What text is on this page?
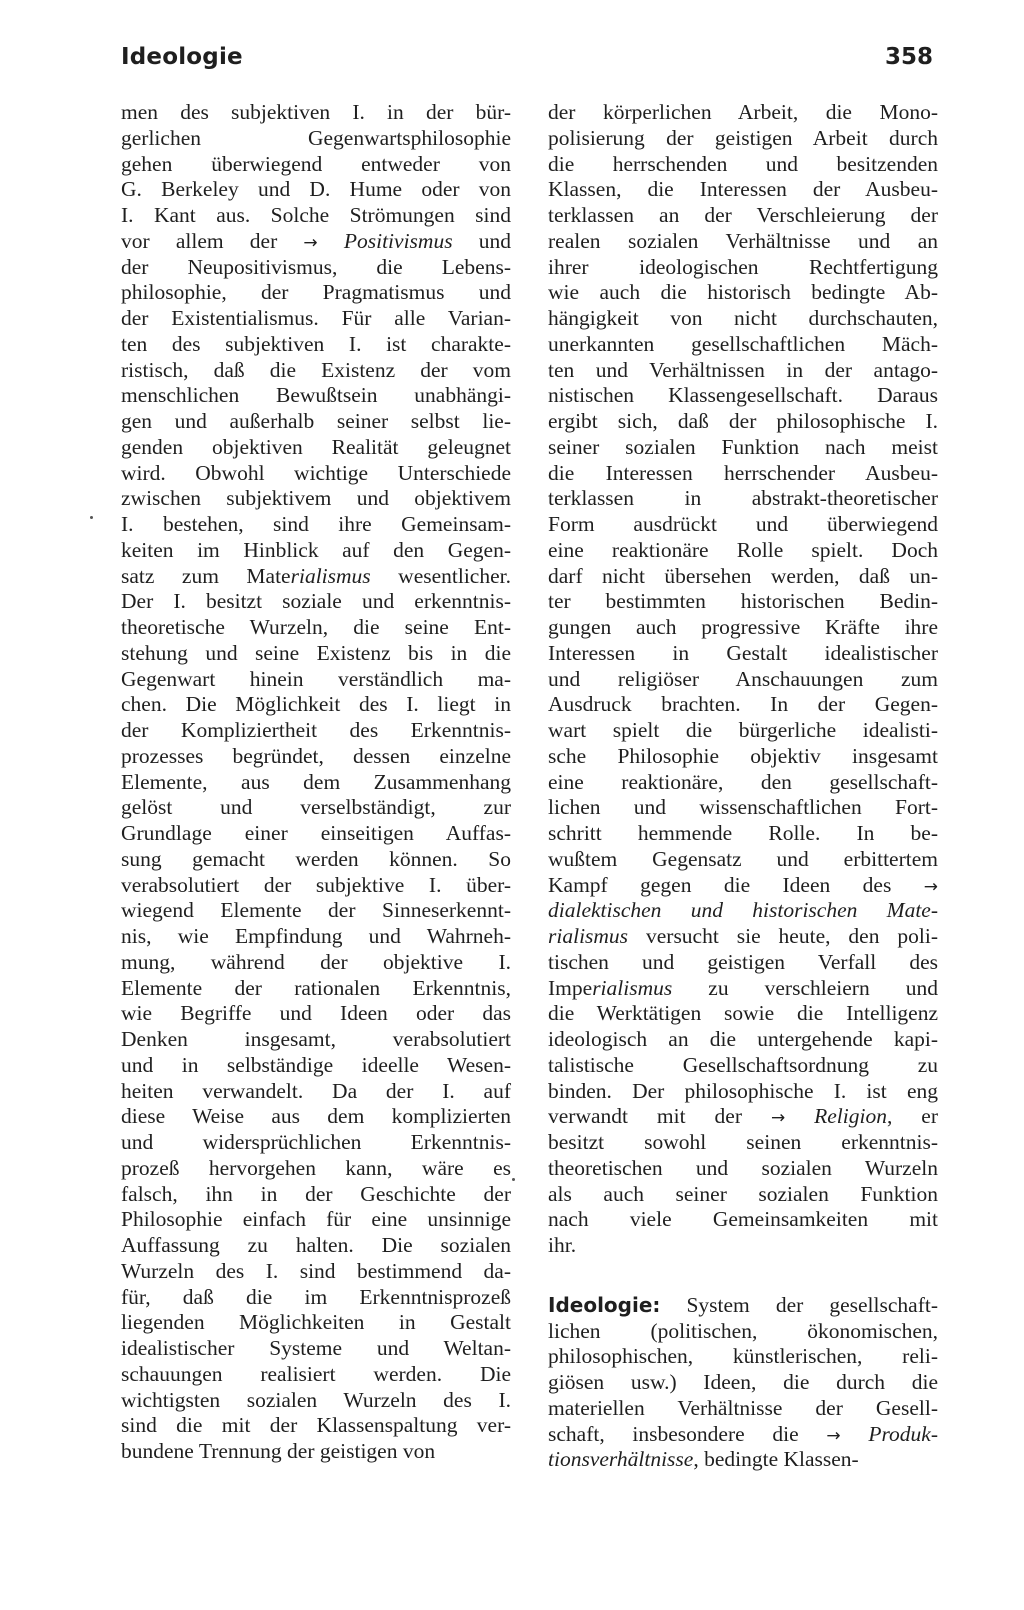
Ideologie	358
men des subjektiven I. in der bür-
gerlichen Gegenwartsphilosophie
gehen überwiegend entweder von
G. Berkeley und D. Hume oder von
I. Kant aus. Solche Strömungen sind
vor allem der → Positivismus und
der Neupositivismus, die Lebens-
philosophie, der Pragmatismus und
der Existentialismus. Für alle Varian-
ten des subjektiven I. ist charakte-
ristisch, daß die Existenz der vom
menschlichen Bewußtsein unabhängi-
gen und außerhalb seiner selbst lie-
genden objektiven Realität geleugnet
wird. Obwohl wichtige Unterschiede
zwischen subjektivem und objektivem
I. bestehen, sind ihre Gemeinsam-
keiten im Hinblick auf den Gegen-
satz zum Materialismus wesentlicher.
Der I. besitzt soziale und erkenntnis-
theoretische Wurzeln, die seine Ent-
stehung und seine Existenz bis in die
Gegenwart hinein verständlich ma-
chen. Die Möglichkeit des I. liegt in
der Kompliziertheit des Erkenntnis-
prozesses begründet, dessen einzelne
Elemente, aus dem Zusammenhang
gelöst und verselbständigt, zur
Grundlage einer einseitigen Auffas-
sung gemacht werden können. So
verabsolutiert der subjektive I. über-
wiegend Elemente der Sinneserkennt-
nis, wie Empfindung und Wahrneh-
mung, während der objektive I.
Elemente der rationalen Erkenntnis,
wie Begriffe und Ideen oder das
Denken insgesamt, verabsolutiert
und in selbständige ideelle Wesen-
heiten verwandelt. Da der I. auf
diese Weise aus dem komplizierten
und widersprüchlichen Erkenntnis-
prozeß hervorgehen kann, wäre es
falsch, ihn in der Geschichte der
Philosophie einfach für eine unsinnige
Auffassung zu halten. Die sozialen
Wurzeln des I. sind bestimmend da-
für, daß die im Erkenntnisprozeß
liegenden Möglichkeiten in Gestalt
idealistischer Systeme und Weltan-
schauungen realisiert werden. Die
wichtigsten sozialen Wurzeln des I.
sind die mit der Klassenspaltung ver-
bundene Trennung der geistigen von
der körperlichen Arbeit, die Mono-
polisierung der geistigen Arbeit durch
die herrschenden und besitzenden
Klassen, die Interessen der Ausbeu-
terklassen an der Verschleierung der
realen sozialen Verhältnisse und an
ihrer ideologischen Rechtfertigung
wie auch die historisch bedingte Ab-
hängigkeit von nicht durchschauten,
unerkannten gesellschaftlichen Mäch-
ten und Verhältnissen in der antago-
nistischen Klassengesellschaft. Daraus
ergibt sich, daß der philosophische I.
seiner sozialen Funktion nach meist
die Interessen herrschender Ausbeu-
terklassen in abstrakt-theoretischer
Form ausdrückt und überwiegend
eine reaktionäre Rolle spielt. Doch
darf nicht übersehen werden, daß un-
ter bestimmten historischen Bedin-
gungen auch progressive Kräfte ihre
Interessen in Gestalt idealistischer
und religiöser Anschauungen zum
Ausdruck brachten. In der Gegen-
wart spielt die bürgerliche idealisti-
sche Philosophie objektiv insgesamt
eine reaktionäre, den gesellschaft-
lichen und wissenschaftlichen Fort-
schritt hemmende Rolle. In be-
wußtem Gegensatz und erbittertem
Kampf gegen die Ideen des →
dialektischen und historischen Mate-
rialismus versucht sie heute, den poli-
tischen und geistigen Verfall des
Imperialismus zu verschleiern und
die Werktätigen sowie die Intelligenz
ideologisch an die untergehende kapi-
talistische Gesellschaftsordnung zu
binden. Der philosophische I. ist eng
verwandt mit der → Religion, er
besitzt sowohl seinen erkenntnis-
theoretischen und sozialen Wurzeln
als auch seiner sozialen Funktion
nach viele Gemeinsamkeiten mit
ihr.
Ideologie: System der gesellschaft-
lichen (politischen, ökonomischen,
philosophischen, künstlerischen, reli-
giösen usw.) Ideen, die durch die
materiellen Verhältnisse der Gesell-
schaft, insbesondere die → Produk-
tionsverhältnisse, bedingte Klassen-
